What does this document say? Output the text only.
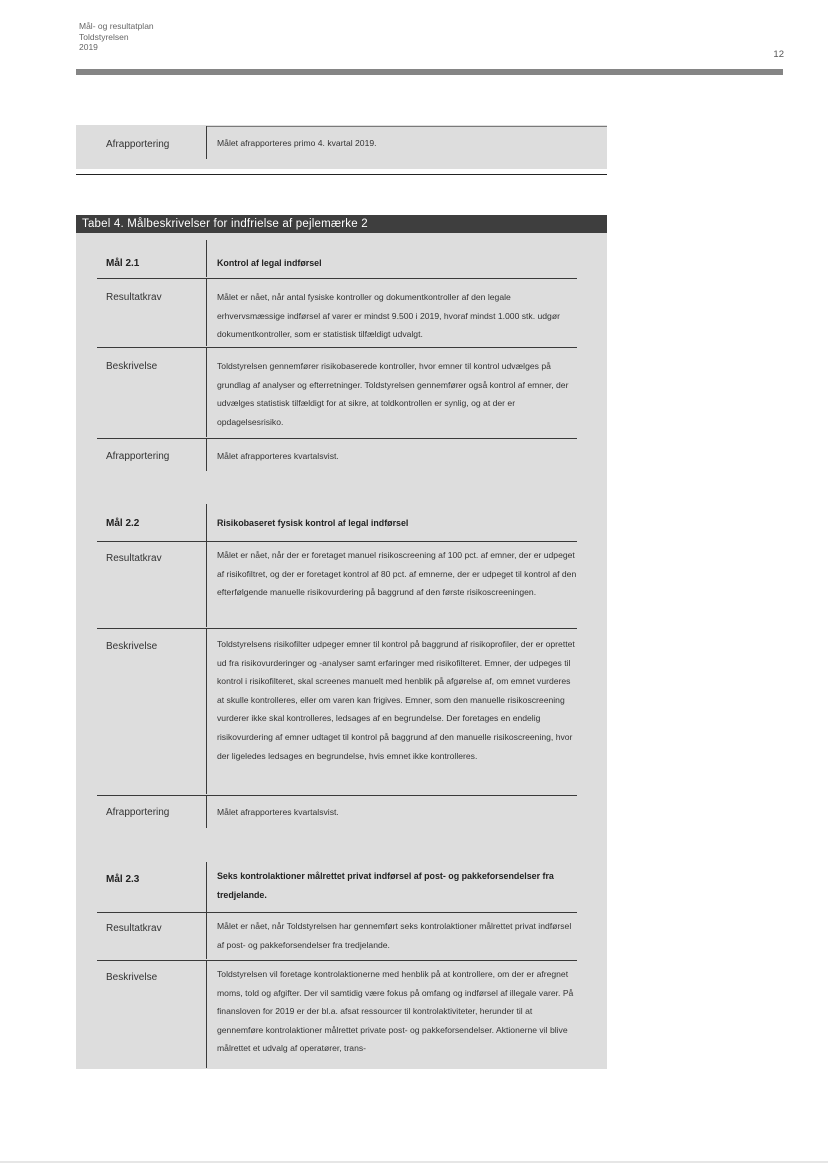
Mål- og resultatplan
Toldstyrelsen
2019
12
Afrapportering	Målet afrapporteres primo 4. kvartal 2019.
Tabel 4. Målbeskrivelser for indfrielse af pejlemærke 2
Mål 2.1	Kontrol af legal indførsel
Resultatkrav	Målet er nået, når antal fysiske kontroller og dokumentkontroller af den legale erhvervsmæssige indførsel af varer er mindst 9.500 i 2019, hvoraf mindst 1.000 stk. udgør dokumentkontroller, som er statistisk tilfældigt udvalgt.
Beskrivelse	Toldstyrelsen gennemfører risikobaserede kontroller, hvor emner til kontrol udvælges på grundlag af analyser og efterretninger. Toldstyrelsen gennemfører også kontrol af emner, der udvælges statistisk tilfældigt for at sikre, at toldkontrollen er synlig, og at der er opdagelsesrisiko.
Afrapportering	Målet afrapporteres kvartalsvist.
Mål 2.2	Risikobaseret fysisk kontrol af legal indførsel
Resultatkrav	Målet er nået, når der er foretaget manuel risikoscreening af 100 pct. af emner, der er udpeget af risikofiltret, og der er foretaget kontrol af 80 pct. af emnerne, der er udpeget til kontrol af den efterfølgende manuelle risikovurdering på baggrund af den første risikoscreeningen.
Beskrivelse	Toldstyrelsens risikofilter udpeger emner til kontrol på baggrund af risikoprofiler, der er oprettet ud fra risikovurderinger og -analyser samt erfaringer med risikofilteret. Emner, der udpeges til kontrol i risikofilteret, skal screenes manuelt med henblik på afgørelse af, om emnet vurderes at skulle kontrolleres, eller om varen kan frigives. Emner, som den manuelle risikoscreening vurderer ikke skal kontrolleres, ledsages af en begrundelse. Der foretages en endelig risikovurdering af emner udtaget til kontrol på baggrund af den manuelle risikoscreening, hvor der ligeledes ledsages en begrundelse, hvis emnet ikke kontrolleres.
Afrapportering	Målet afrapporteres kvartalsvist.
Mål 2.3	Seks kontrolaktioner målrettet privat indførsel af post- og pakkeforsendelser fra tredjelande.
Resultatkrav	Målet er nået, når Toldstyrelsen har gennemført seks kontrolaktioner målrettet privat indførsel af post- og pakkeforsendelser fra tredjelande.
Beskrivelse	Toldstyrelsen vil foretage kontrolaktionerne med henblik på at kontrollere, om der er afregnet moms, told og afgifter. Der vil samtidig være fokus på omfang og indførsel af illegale varer. På finansloven for 2019 er der bl.a. afsat ressourcer til kontrolaktiviteter, herunder til at gennemføre kontrolaktioner målrettet private post- og pakkeforsendelser. Aktionerne vil blive målrettet et udvalg af operatører, trans-
